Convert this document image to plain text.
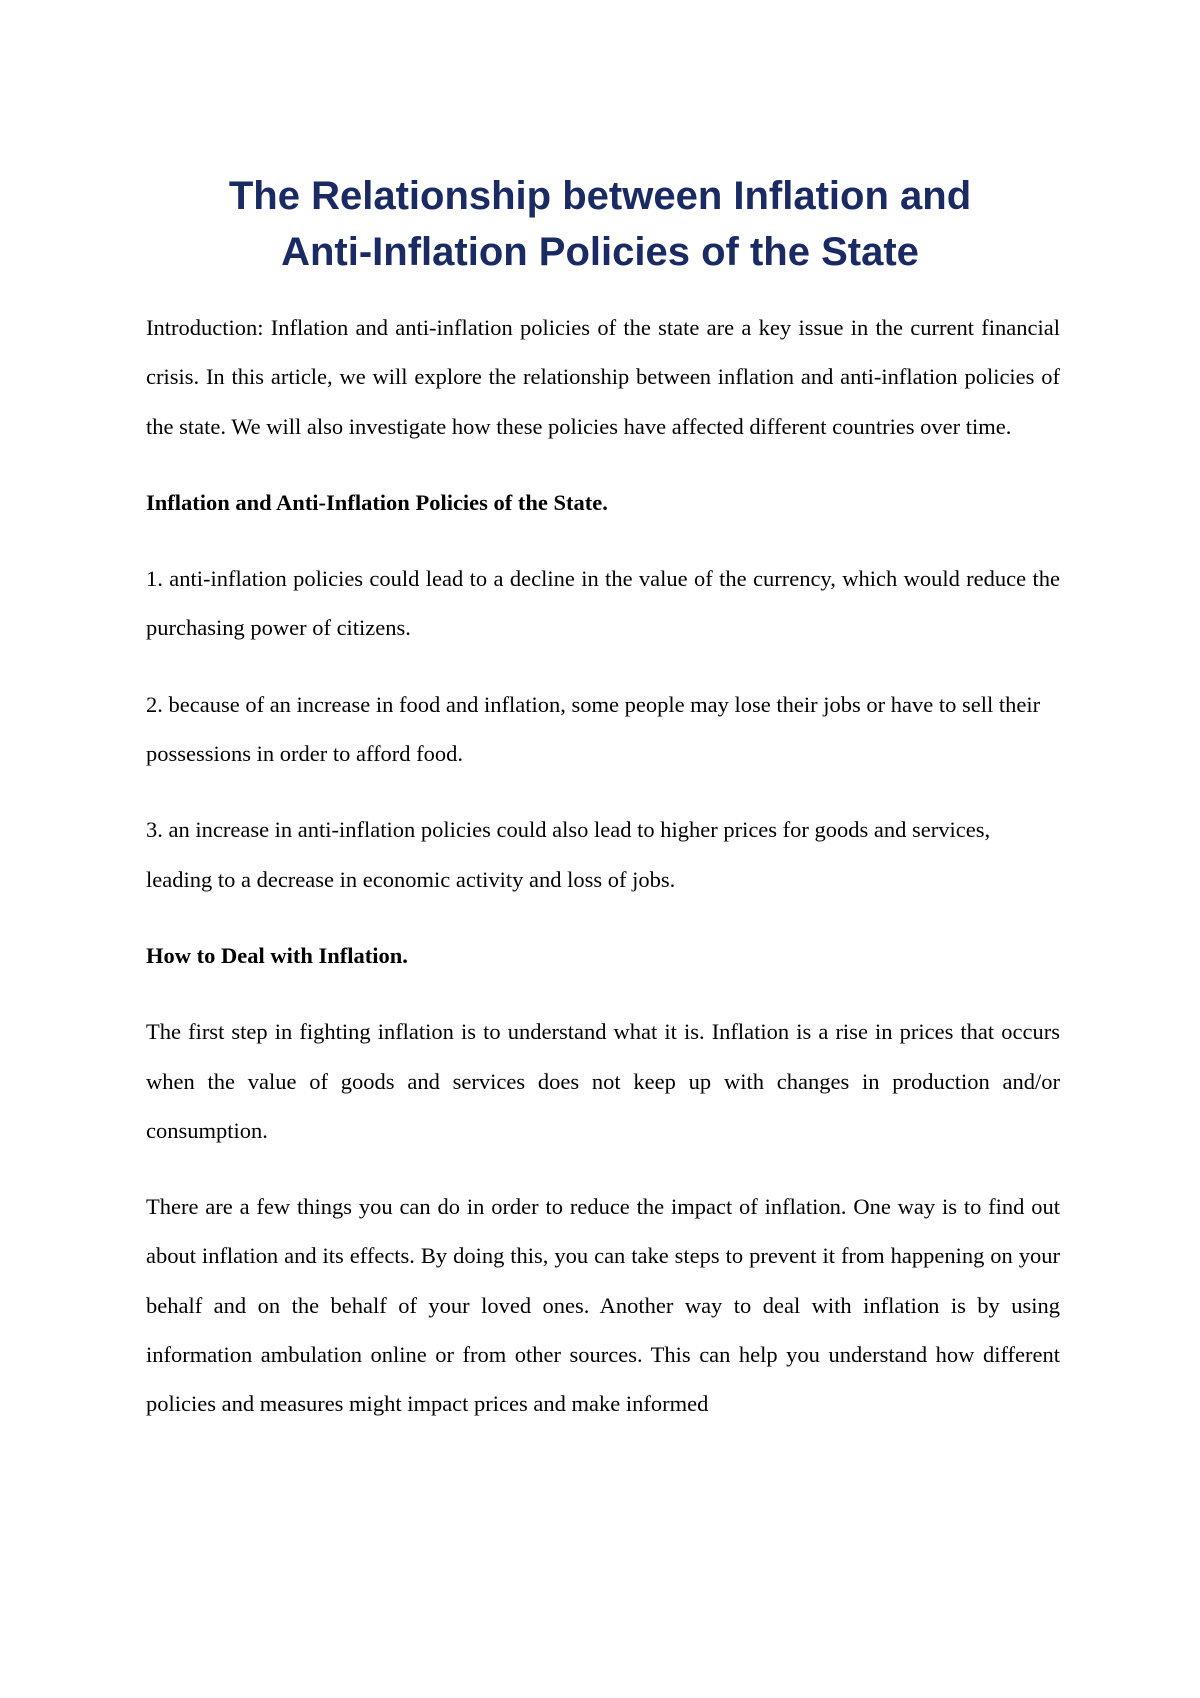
The Relationship between Inflation and
Anti-Inflation Policies of the State

Introduction: Inflation and anti-inflation policies of the state are a key issue in the current financial crisis. In this article, we will explore the relationship between inflation and anti-inflation policies of the state. We will also investigate how these policies have affected different countries over time.

Inflation and Anti-Inflation Policies of the State.

1. anti-inflation policies could lead to a decline in the value of the currency, which would reduce the purchasing power of citizens.

2. because of an increase in food and inflation, some people may lose their jobs or have to sell their possessions in order to afford food.

3. an increase in anti-inflation policies could also lead to higher prices for goods and services, leading to a decrease in economic activity and loss of jobs.

How to Deal with Inflation.

The first step in fighting inflation is to understand what it is. Inflation is a rise in prices that occurs when the value of goods and services does not keep up with changes in production and/or consumption.

There are a few things you can do in order to reduce the impact of inflation. One way is to find out about inflation and its effects. By doing this, you can take steps to prevent it from happening on your behalf and on the behalf of your loved ones. Another way to deal with inflation is by using information ambulation online or from other sources. This can help you understand how different policies and measures might impact prices and make informed
